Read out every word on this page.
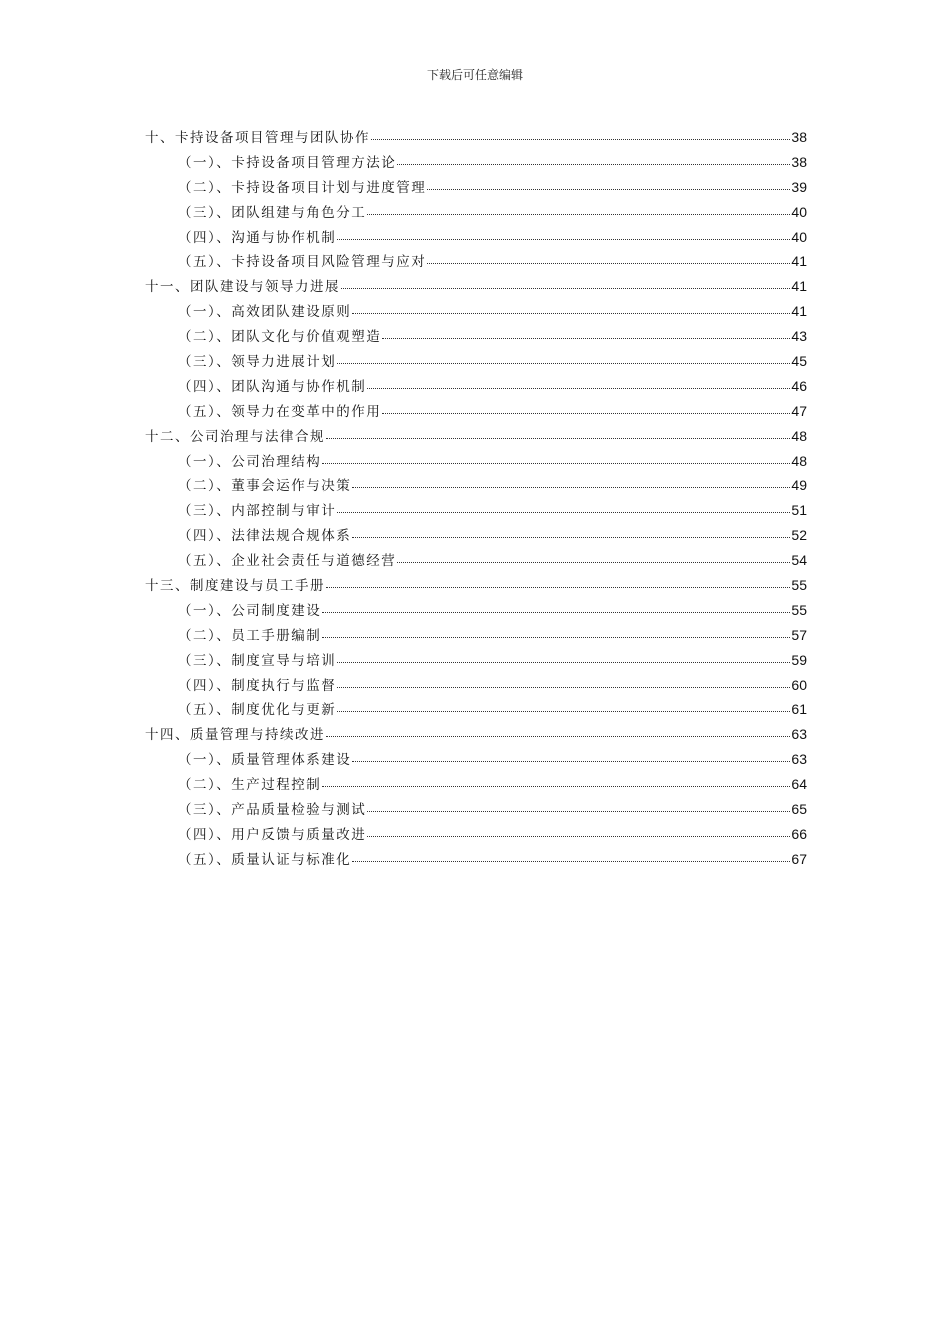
下载后可任意编辑
十、卡持设备项目管理与团队协作	38
（一）、卡持设备项目管理方法论	38
（二）、卡持设备项目计划与进度管理	39
（三）、团队组建与角色分工	40
（四）、沟通与协作机制	40
（五）、卡持设备项目风险管理与应对	41
十一、团队建设与领导力进展	41
（一）、高效团队建设原则	41
（二）、团队文化与价值观塑造	43
（三）、领导力进展计划	45
（四）、团队沟通与协作机制	46
（五）、领导力在变革中的作用	47
十二、公司治理与法律合规	48
（一）、公司治理结构	48
（二）、董事会运作与决策	49
（三）、内部控制与审计	51
（四）、法律法规合规体系	52
（五）、企业社会责任与道德经营	54
十三、制度建设与员工手册	55
（一）、公司制度建设	55
（二）、员工手册编制	57
（三）、制度宣导与培训	59
（四）、制度执行与监督	60
（五）、制度优化与更新	61
十四、质量管理与持续改进	63
（一）、质量管理体系建设	63
（二）、生产过程控制	64
（三）、产品质量检验与测试	65
（四）、用户反馈与质量改进	66
（五）、质量认证与标准化	67
